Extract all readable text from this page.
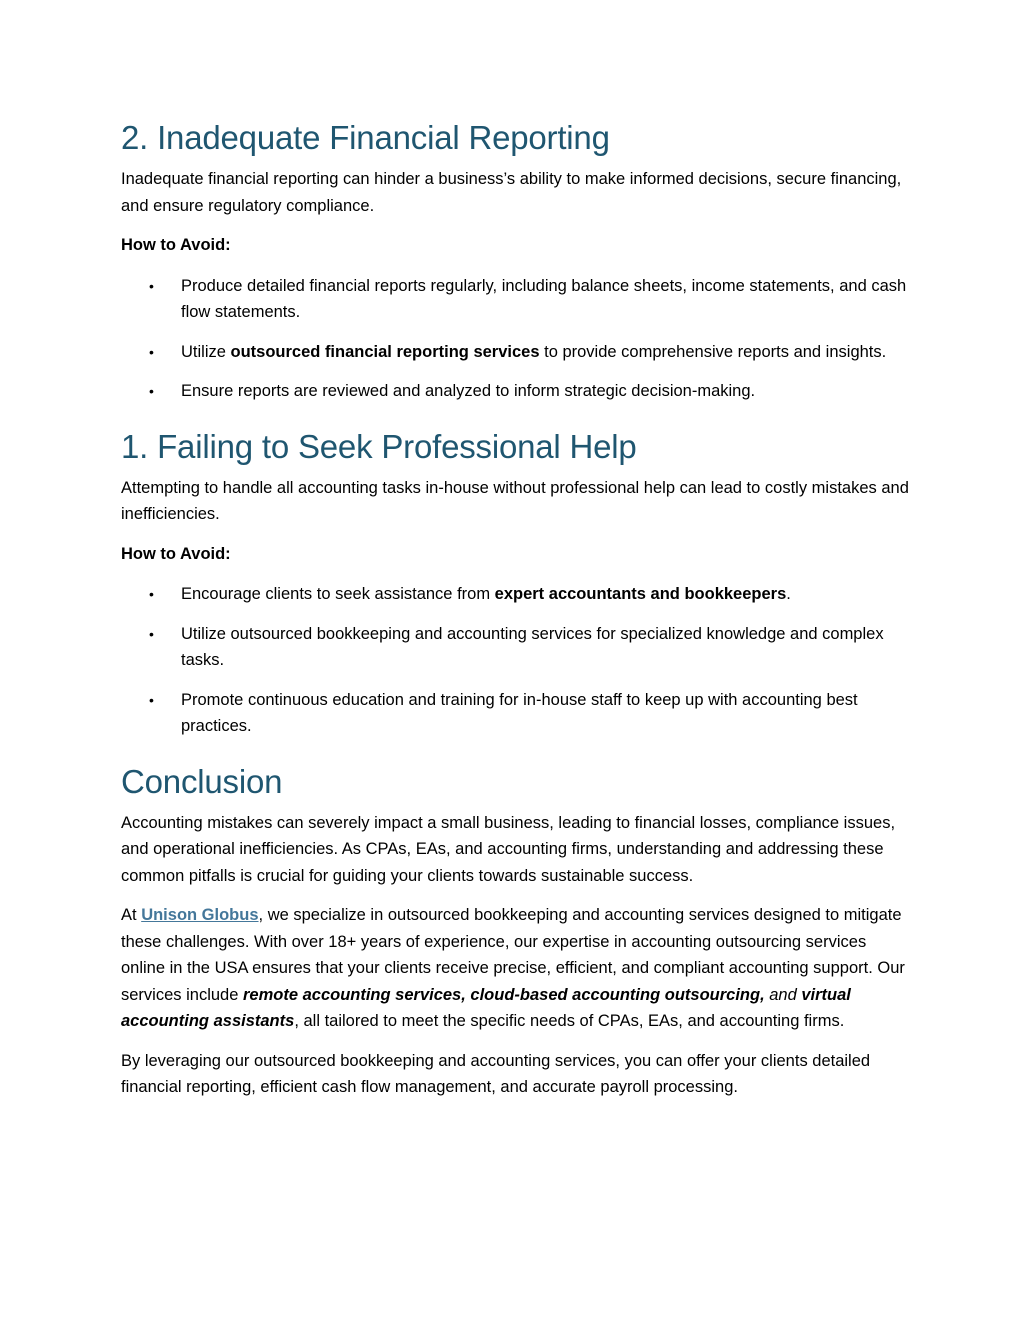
2. Inadequate Financial Reporting

Inadequate financial reporting can hinder a business’s ability to make informed decisions, secure financing, and ensure regulatory compliance.

How to Avoid:

• Produce detailed financial reports regularly, including balance sheets, income statements, and cash flow statements.
• Utilize outsourced financial reporting services to provide comprehensive reports and insights.
• Ensure reports are reviewed and analyzed to inform strategic decision-making.
1. Failing to Seek Professional Help

Attempting to handle all accounting tasks in-house without professional help can lead to costly mistakes and inefficiencies.

How to Avoid:

• Encourage clients to seek assistance from expert accountants and bookkeepers.
• Utilize outsourced bookkeeping and accounting services for specialized knowledge and complex tasks.
• Promote continuous education and training for in-house staff to keep up with accounting best practices.
Conclusion

Accounting mistakes can severely impact a small business, leading to financial losses, compliance issues, and operational inefficiencies. As CPAs, EAs, and accounting firms, understanding and addressing these common pitfalls is crucial for guiding your clients towards sustainable success.

At Unison Globus, we specialize in outsourced bookkeeping and accounting services designed to mitigate these challenges. With over 18+ years of experience, our expertise in accounting outsourcing services online in the USA ensures that your clients receive precise, efficient, and compliant accounting support. Our services include remote accounting services, cloud-based accounting outsourcing, and virtual accounting assistants, all tailored to meet the specific needs of CPAs, EAs, and accounting firms.

By leveraging our outsourced bookkeeping and accounting services, you can offer your clients detailed financial reporting, efficient cash flow management, and accurate payroll processing.
